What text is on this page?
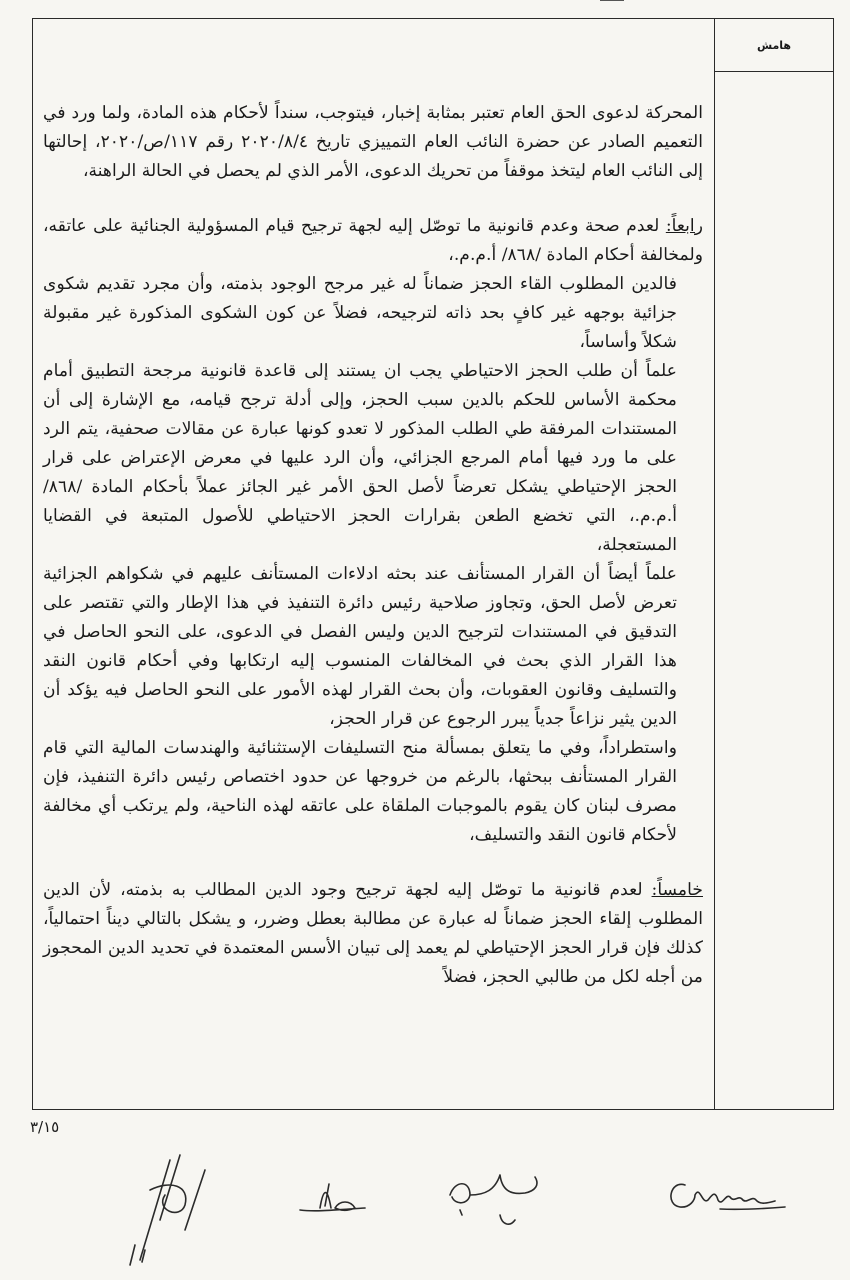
هامش

المحركة لدعوى الحق العام تعتبر بمثابة إخبار، فيتوجب، سنداً لأحكام هذه المادة، ولما ورد في التعميم الصادر عن حضرة النائب العام التمييزي تاريخ ٢٠٢٠/٨/٤ رقم ١١٧/ص/٢٠٢٠، إحالتها إلى النائب العام ليتخذ موقفاً من تحريك الدعوى، الأمر الذي لم يحصل في الحالة الراهنة،

رابعاً: لعدم صحة وعدم قانونية ما توصّل إليه لجهة ترجيح قيام المسؤولية الجنائية على عاتقه، ولمخالفة أحكام المادة /٨٦٨/ أ.م.م.،

فالدين المطلوب القاء الحجز ضماناً له غير مرجح الوجود بذمته، وأن مجرد تقديم شكوى جزائية بوجهه غير كافٍ بحد ذاته لترجيحه، فضلاً عن كون الشكوى المذكورة غير مقبولة شكلاً وأساساً،

علماً أن طلب الحجز الاحتياطي يجب ان يستند إلى قاعدة قانونية مرجحة التطبيق أمام محكمة الأساس للحكم بالدين سبب الحجز، وإلى أدلة ترجح قيامه، مع الإشارة إلى أن المستندات المرفقة طي الطلب المذكور لا تعدو كونها عبارة عن مقالات صحفية، يتم الرد على ما ورد فيها أمام المرجع الجزائي، وأن الرد عليها في معرض الإعتراض على قرار الحجز الإحتياطي يشكل تعرضاً لأصل الحق الأمر غير الجائز عملاً بأحكام المادة /٨٦٨/ أ.م.م.، التي تخضع الطعن بقرارات الحجز الاحتياطي للأصول المتبعة في القضايا المستعجلة،

علماً أيضاً أن القرار المستأنف عند بحثه ادلاءات المستأنف عليهم في شكواهم الجزائية تعرض لأصل الحق، وتجاوز صلاحية رئيس دائرة التنفيذ في هذا الإطار والتي تقتصر على التدقيق في المستندات لترجيح الدين وليس الفصل في الدعوى، على النحو الحاصل في هذا القرار الذي بحث في المخالفات المنسوب إليه ارتكابها وفي أحكام قانون النقد والتسليف وقانون العقوبات، وأن بحث القرار لهذه الأمور على النحو الحاصل فيه يؤكد أن الدين يثير نزاعاً جدياً يبرر الرجوع عن قرار الحجز،

واستطراداً، وفي ما يتعلق بمسألة منح التسليفات الإستثنائية والهندسات المالية التي قام القرار المستأنف ببحثها، بالرغم من خروجها عن حدود اختصاص رئيس دائرة التنفيذ، فإن مصرف لبنان كان يقوم بالموجبات الملقاة على عاتقه لهذه الناحية، ولم يرتكب أي مخالفة لأحكام قانون النقد والتسليف،

خامساً: لعدم قانونية ما توصّل إليه لجهة ترجيح وجود الدين المطالب به بذمته، لأن الدين المطلوب إلقاء الحجز ضماناً له عبارة عن مطالبة بعطل وضرر، و يشكل بالتالي ديناً احتمالياً، كذلك فإن قرار الحجز الإحتياطي لم يعمد إلى تبيان الأسس المعتمدة في تحديد الدين المحجوز من أجله لكل من طالبي الحجز، فضلاً

٣/١٥
